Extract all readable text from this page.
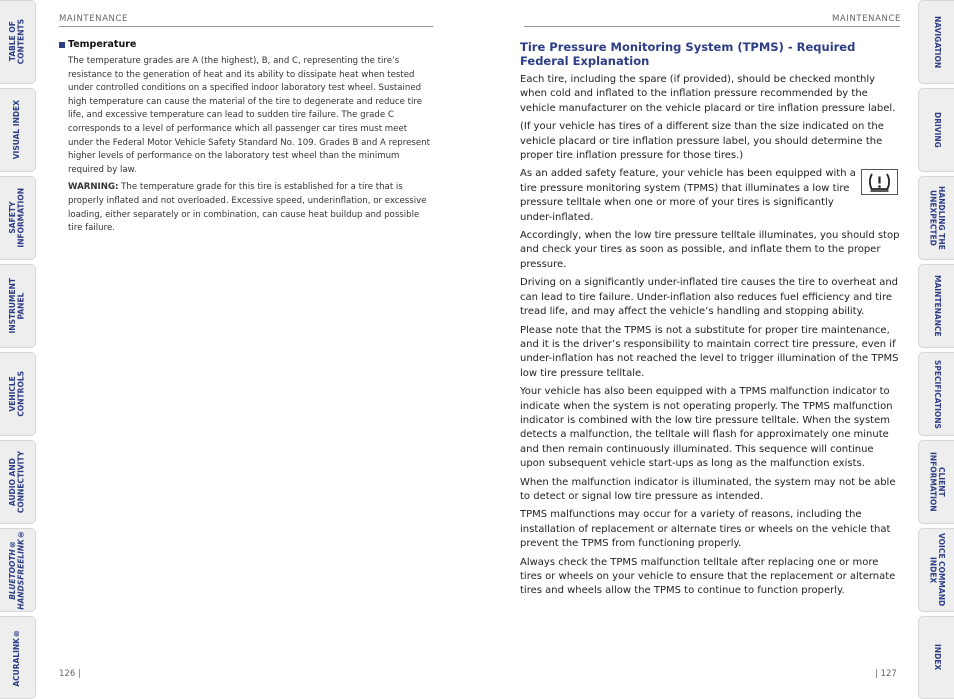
TABLE OF
CONTENTS
VISUAL INDEX
SAFETY
INFORMATION
INSTRUMENT
PANEL
VEHICLE
CONTROLS
AUDIO AND
CONNECTIVITY
BLUETOOTH®
HANDSFREELINK®
ACURALINK®
NAVIGATION
DRIVING
HANDLING THE
UNEXPECTED
MAINTENANCE
SPECIFICATIONS
CLIENT
INFORMATION
VOICE COMMAND
INDEX
INDEX
MAINTENANCE
Temperature

The temperature grades are A (the highest), B, and C, representing the tire’s resistance to the generation of heat and its ability to dissipate heat when tested under controlled conditions on a specified indoor laboratory test wheel. Sustained high temperature can cause the material of the tire to degenerate and reduce tire life, and excessive temperature can lead to sudden tire failure. The grade C corresponds to a level of performance which all passenger car tires must meet under the Federal Motor Vehicle Safety Standard No. 109. Grades B and A represent higher levels of performance on the laboratory test wheel than the minimum required by law.

WARNING: The temperature grade for this tire is established for a tire that is properly inflated and not overloaded. Excessive speed, underinflation, or excessive loading, either separately or in combination, can cause heat buildup and possible tire failure.

126 |
MAINTENANCE
Tire Pressure Monitoring System (TPMS) - Required Federal Explanation

Each tire, including the spare (if provided), should be checked monthly when cold and inflated to the inflation pressure recommended by the vehicle manufacturer on the vehicle placard or tire inflation pressure label.

(If your vehicle has tires of a different size than the size indicated on the vehicle placard or tire inflation pressure label, you should determine the proper tire inflation pressure for those tires.)

As an added safety feature, your vehicle has been equipped with a tire pressure monitoring system (TPMS) that illuminates a low tire pressure telltale when one or more of your tires is significantly under-inflated.

Accordingly, when the low tire pressure telltale illuminates, you should stop and check your tires as soon as possible, and inflate them to the proper pressure.

Driving on a significantly under-inflated tire causes the tire to overheat and can lead to tire failure. Under-inflation also reduces fuel efficiency and tire tread life, and may affect the vehicle’s handling and stopping ability.

Please note that the TPMS is not a substitute for proper tire maintenance, and it is the driver’s responsibility to maintain correct tire pressure, even if under-inflation has not reached the level to trigger illumination of the TPMS low tire pressure telltale.

Your vehicle has also been equipped with a TPMS malfunction indicator to indicate when the system is not operating properly. The TPMS malfunction indicator is combined with the low tire pressure telltale. When the system detects a malfunction, the telltale will flash for approximately one minute and then remain continuously illuminated. This sequence will continue upon subsequent vehicle start-ups as long as the malfunction exists.

When the malfunction indicator is illuminated, the system may not be able to detect or signal low tire pressure as intended.

TPMS malfunctions may occur for a variety of reasons, including the installation of replacement or alternate tires or wheels on the vehicle that prevent the TPMS from functioning properly.

Always check the TPMS malfunction telltale after replacing one or more tires or wheels on your vehicle to ensure that the replacement or alternate tires and wheels allow the TPMS to continue to function properly.

| 127
